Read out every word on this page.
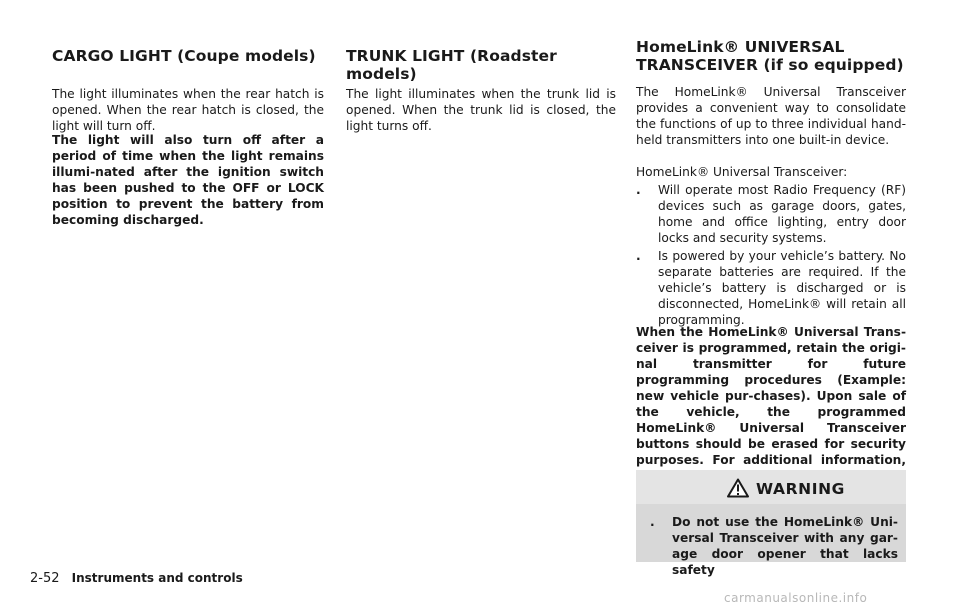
CARGO LIGHT (Coupe models)

The light illuminates when the rear hatch is opened. When the rear hatch is closed, the light will turn off.

The light will also turn off after a period of time when the light remains illumi-nated after the ignition switch has been pushed to the OFF or LOCK position to prevent the battery from becoming discharged.

TRUNK LIGHT (Roadster models)

The light illuminates when the trunk lid is opened. When the trunk lid is closed, the light turns off.

HomeLink® UNIVERSAL TRANSCEIVER (if so equipped)

The HomeLink® Universal Transceiver provides a convenient way to consolidate the functions of up to three individual hand-held transmitters into one built-in device.

HomeLink® Universal Transceiver:

. Will operate most Radio Frequency (RF) devices such as garage doors, gates, home and office lighting, entry door locks and security systems.
. Is powered by your vehicle’s battery. No separate batteries are required. If the vehicle’s battery is discharged or is disconnected, HomeLink® will retain all programming.

When the HomeLink® Universal Trans-ceiver is programmed, retain the origi-nal transmitter for future programming procedures (Example: new vehicle pur-chases). Upon sale of the vehicle, the programmed HomeLink® Universal Transceiver buttons should be erased for security purposes. For additional information,

WARNING
.	Do not use the HomeLink® Uni-versal Transceiver with any gar-age door opener that lacks safety
2-52 Instruments and controls
carmanualsonline.info
